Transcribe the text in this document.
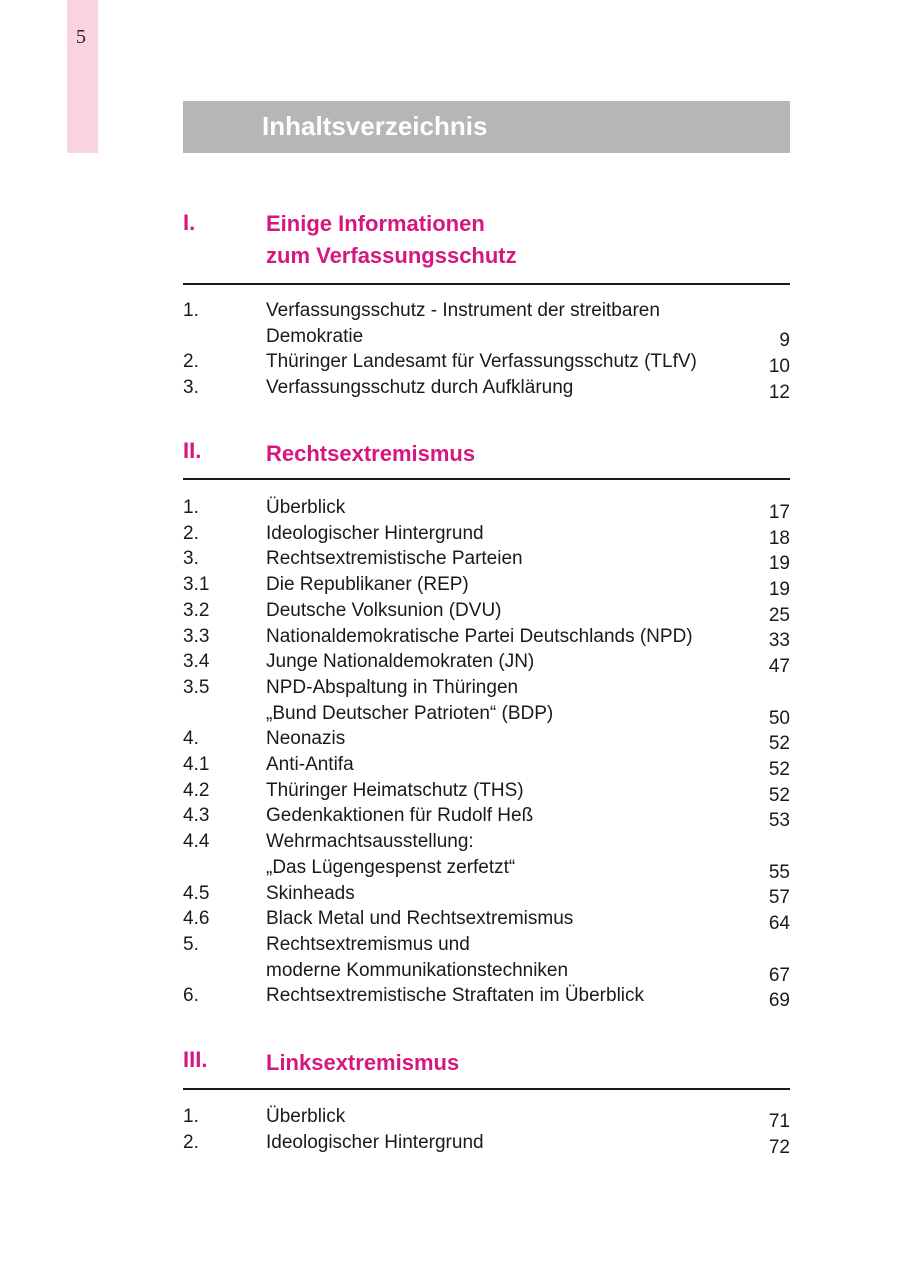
5
Inhaltsverzeichnis
I.	Einige Informationen
zum Verfassungsschutz
1.	Verfassungsschutz - Instrument der streitbaren
Demokratie	9
2.	Thüringer Landesamt für Verfassungsschutz (TLfV)	10
3.	Verfassungsschutz durch Aufklärung	12
II.	Rechtsextremismus
1.	Überblick	17
2.	Ideologischer Hintergrund	18
3.	Rechtsextremistische Parteien	19
3.1	Die Republikaner (REP)	19
3.2	Deutsche Volksunion (DVU)	25
3.3	Nationaldemokratische Partei Deutschlands (NPD)	33
3.4	Junge Nationaldemokraten (JN)	47
3.5	NPD-Abspaltung in Thüringen
„Bund Deutscher Patrioten“ (BDP)	50
4.	Neonazis	52
4.1	Anti-Antifa	52
4.2	Thüringer Heimatschutz (THS)	52
4.3	Gedenkaktionen für Rudolf Heß	53
4.4	Wehrmachtsausstellung:
„Das Lügengespenst zerfetzt“	55
4.5	Skinheads	57
4.6	Black Metal und Rechtsextremismus	64
5.	Rechtsextremismus und
moderne Kommunikationstechniken	67
6.	Rechtsextremistische Straftaten im Überblick	69
III.	Linksextremismus
1.	Überblick	71
2.	Ideologischer Hintergrund	72
